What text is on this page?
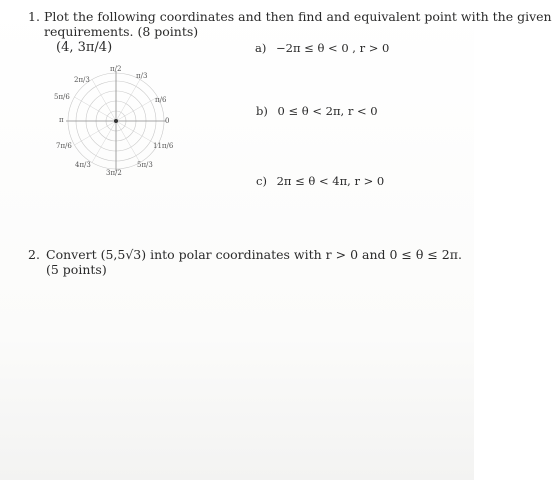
1. Plot the following coordinates and then find and equivalent point with the given
requirements. (8 points)
(4, 3π/4)	a) −2π ≤ θ < 0 , r > 0
b) 0 ≤ θ < 2π, r < 0
c) 2π ≤ θ < 4π, r > 0
π/2
π/3
2π/3
π/6
5π/6
0
π
7π/6	11π/6
4π/3
3π/2
5π/3
2. Convert (5,5√3) into polar coordinates with r > 0 and 0 ≤ θ ≤ 2π.
(5 points)
